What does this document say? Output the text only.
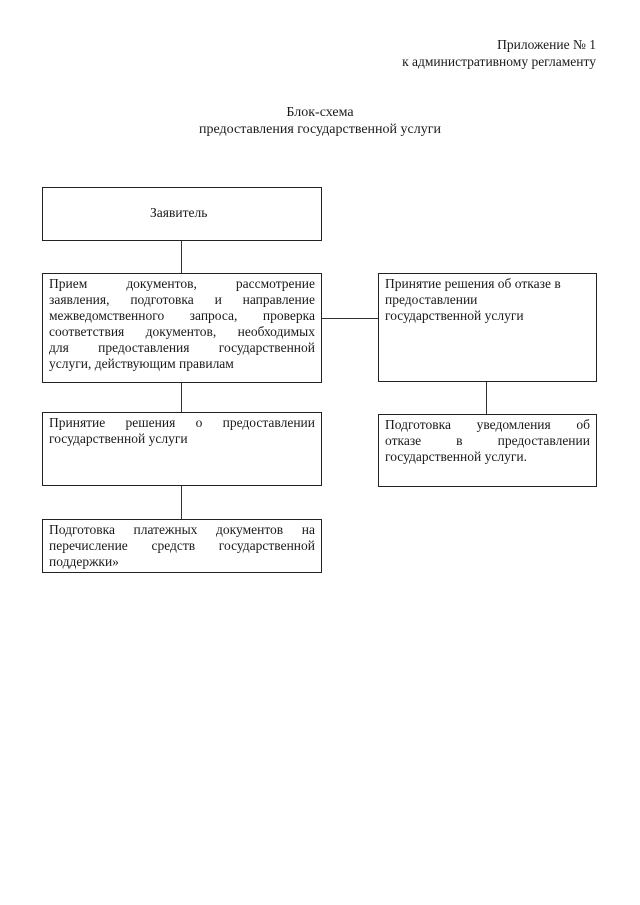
Приложение № 1
к административному регламенту
Блок-схема
предоставления государственной услуги
Заявитель
Прием документов, рассмотрение
заявления, подготовка и направление
межведомственного запроса, проверка
соответствия документов, необходимых
для предоставления государственной
услуги, действующим правилам
Принятие решения об отказе в
предоставлении
государственной услуги
Принятие решения о предоставлении
государственной услуги
Подготовка уведомления об
отказе в предоставлении
государственной услуги.
Подготовка платежных документов на
перечисление средств государственной
поддержки»
